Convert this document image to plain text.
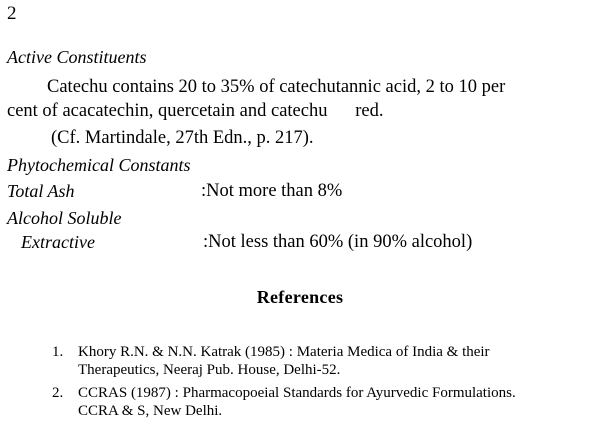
2
Active Constituents
Catechu contains 20 to 35% of catechutannic acid, 2 to 10 per
cent of acacatechin, quercetain and catechu      red.
(Cf. Martindale, 27th Edn., p. 217).
Phytochemical Constants
Total Ash	:Not more than 8%
Alcohol Soluble
Extractive	:Not less than 60% (in 90% alcohol)
References
1. Khory R.N. & N.N. Katrak (1985) : Materia Medica of India & their
Therapeutics, Neeraj Pub. House, Delhi-52.
2. CCRAS (1987) : Pharmacopoeial Standards for Ayurvedic Formulations.
CCRA & S, New Delhi.
